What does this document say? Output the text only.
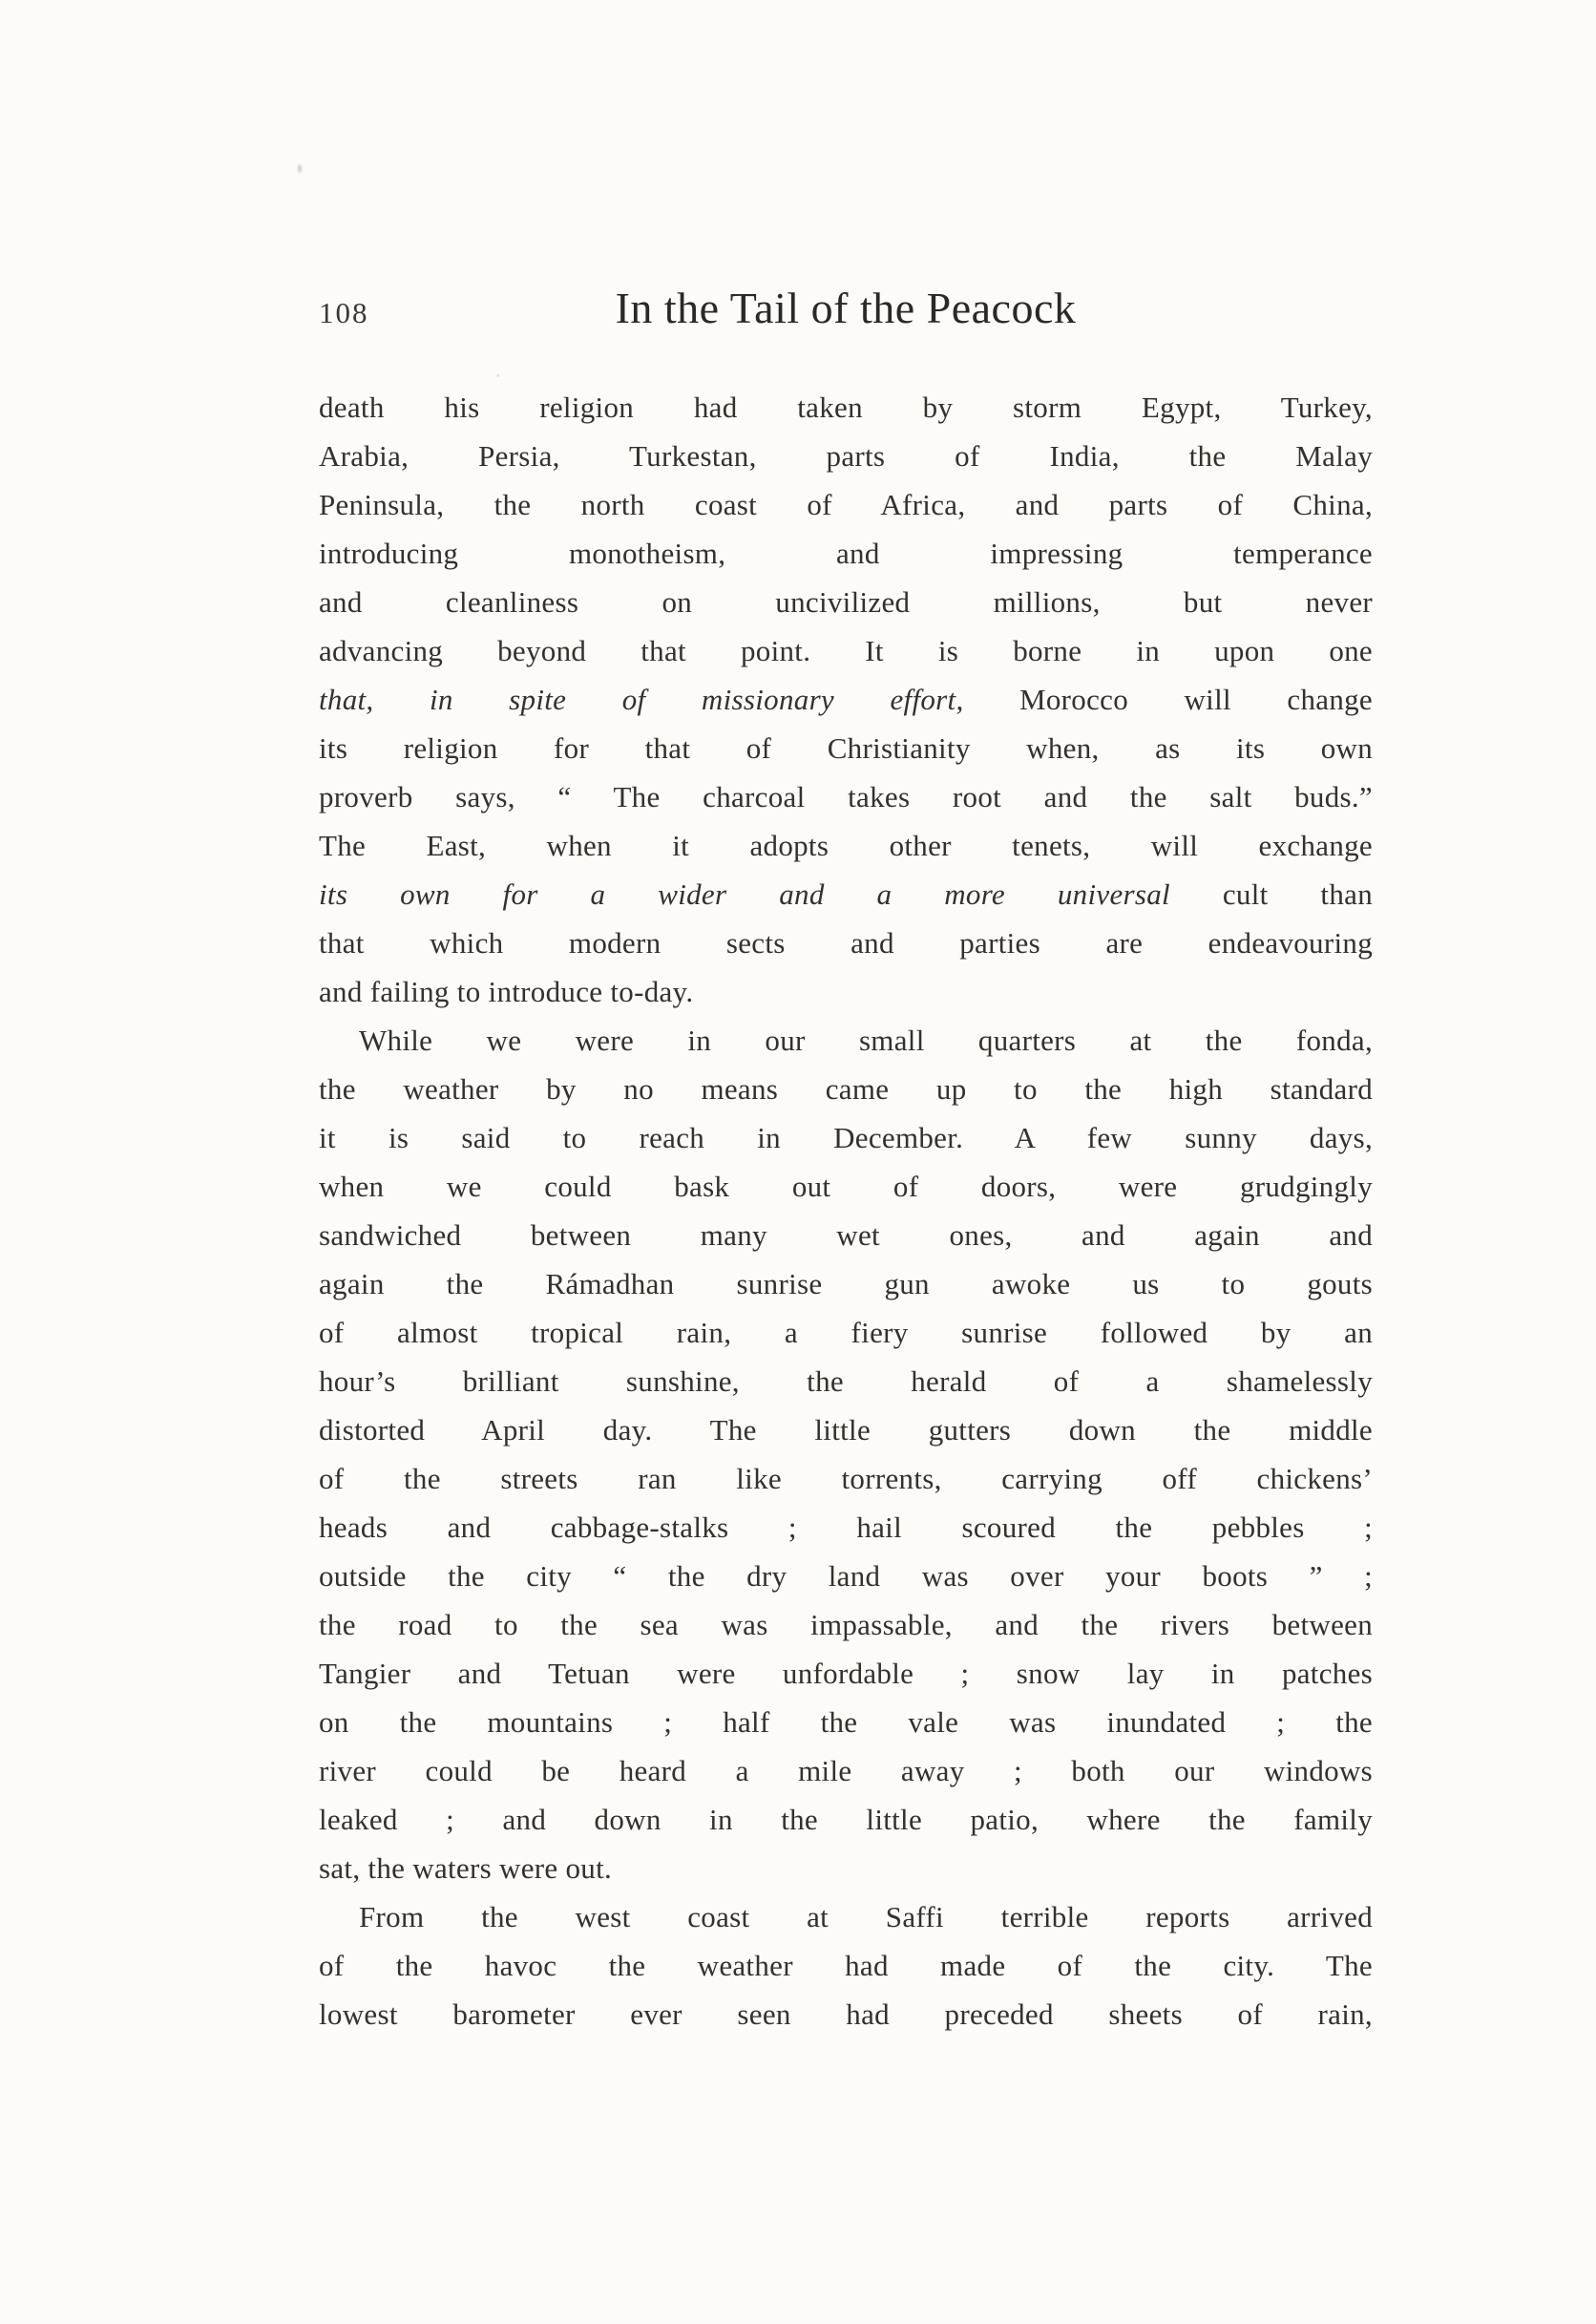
108	In the Tail of the Peacock
death his religion had taken by storm Egypt, Turkey,
Arabia, Persia, Turkestan, parts of India, the Malay
Peninsula, the north coast of Africa, and parts of China,
introducing monotheism, and impressing temperance
and cleanliness on uncivilized millions, but never
advancing beyond that point. It is borne in upon one
that, in spite of missionary effort, Morocco will change
its religion for that of Christianity when, as its own
proverb says, “ The charcoal takes root and the salt buds.”
The East, when it adopts other tenets, will exchange
its own for a wider and a more universal cult than
that which modern sects and parties are endeavouring
and failing to introduce to-day.
While we were in our small quarters at the fonda,
the weather by no means came up to the high standard
it is said to reach in December. A few sunny days,
when we could bask out of doors, were grudgingly
sandwiched between many wet ones, and again and
again the Rámadhan sunrise gun awoke us to gouts
of almost tropical rain, a fiery sunrise followed by an
hour’s brilliant sunshine, the herald of a shamelessly
distorted April day. The little gutters down the middle
of the streets ran like torrents, carrying off chickens’
heads and cabbage-stalks ; hail scoured the pebbles ;
outside the city “ the dry land was over your boots ” ;
the road to the sea was impassable, and the rivers between
Tangier and Tetuan were unfordable ; snow lay in patches
on the mountains ; half the vale was inundated ; the
river could be heard a mile away ; both our windows
leaked ; and down in the little patio, where the family
sat, the waters were out.
From the west coast at Saffi terrible reports arrived
of the havoc the weather had made of the city. The
lowest barometer ever seen had preceded sheets of rain,
